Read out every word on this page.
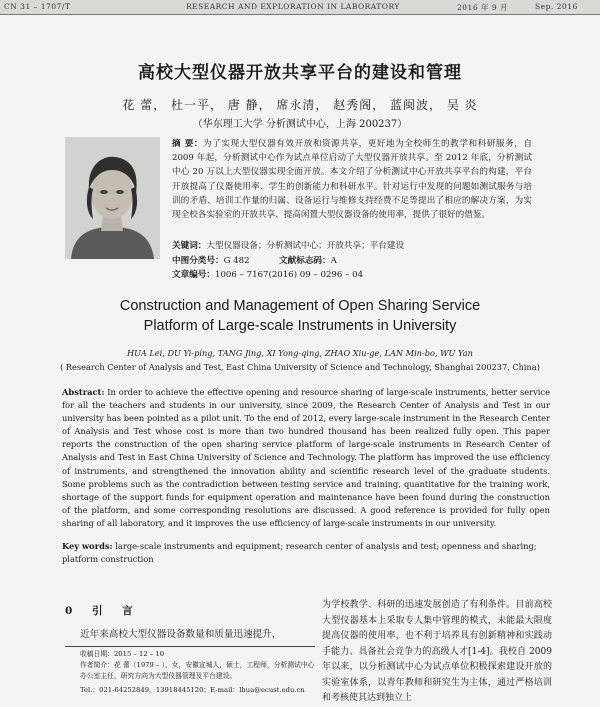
CN 31 – 1707/T	RESEARCH AND EXPLORATION IN LABORATORY	2016 年 9 月	Sep. 2016
高校大型仪器开放共享平台的建设和管理
花 蕾， 杜一平， 唐 静， 席永清， 赵秀阁， 蓝闽波， 吴 炎
（华东理工大学 分析测试中心，上海 200237）
摘 要：为了实现大型仪器有效开放和资源共享，更好地为全校师生的教学和科研服务，自 2009 年起，分析测试中心作为试点单位启动了大型仪器开放共享。至 2012 年底，分析测试中心 20 万以上大型仪器实现全面开放。本文介绍了分析测试中心开放共享平台的构建，平台开放提高了仪器使用率、学生的创新能力和科研水平。针对运行中发现的问题如测试服务与培训的矛盾、培训工作量的归属、设备运行与维修支持经费不足等提出了相应的解决方案，为实现全校各实验室的开放共享、提高闲置大型仪器设备的使用率，提供了很好的借鉴。
关键词：大型仪器设备；分析测试中心；开放共享；平台建设
中图分类号：G 482	文献标志码：A
文章编号：1006 – 7167(2016) 09 – 0296 – 04
Construction and Management of Open Sharing Service
Platform of Large-scale Instruments in University
HUA Lei, DU Yi-ping, TANG Jing, XI Yong-qing, ZHAO Xiu-ge, LAN Min-bo, WU Yan
( Research Center of Analysis and Test, East China University of Science and Technology, Shanghai 200237, China)
Abstract: In order to achieve the effective opening and resource sharing of large-scale instruments, better service for all the teachers and students in our university, since 2009, the Research Center of Analysis and Test in our university has been pointed as a pilot unit. To the end of 2012, every large-scale instrument in the Research Center of Analysis and Test whose cost is more than two hundred thousand has been realized fully open. This paper reports the construction of the open sharing service platform of large-scale instruments in Research Center of Analysis and Test in East China University of Science and Technology. The platform has improved the use efficiency of instruments, and strengthened the innovation ability and scientific research level of the graduate students. Some problems such as the contradiction between testing service and training, quantitative for the training work, shortage of the support funds for equipment operation and maintenance have been found during the construction of the platform, and some corresponding resolutions are discussed. A good reference is provided for fully open sharing of all laboratory, and it improves the use efficiency of large-scale instruments in our university.
Key words: large-scale instruments and equipment; research center of analysis and test; openness and sharing; platform construction
0 引 言
近年来高校大型仪器设备数量和质量迅速提升，
收稿日期：2015 – 12 – 10
作者简介：花 蕾（1979 – ），女，安徽宣城人，硕士，工程师，分析测试中心办公室主任，研究方向为大型仪器管理及平台建设。
Tel.：021-64252849，13918445120；E-mail：lhua@ecust.edu.cn
为学校教学、科研的迅速发展创造了有利条件。目前高校大型仪器基本上采取专人集中管理的模式，未能最大限度提高仪器的使用率，也不利于培养具有创新精神和实践动手能力、具备社会竞争力的高级人才[1-4]。我校自 2009 年以来，以分析测试中心为试点单位积极探索建设开放的实验室体系，以青年教师和研究生为主体，通过严格培训和考核使其达到独立上
